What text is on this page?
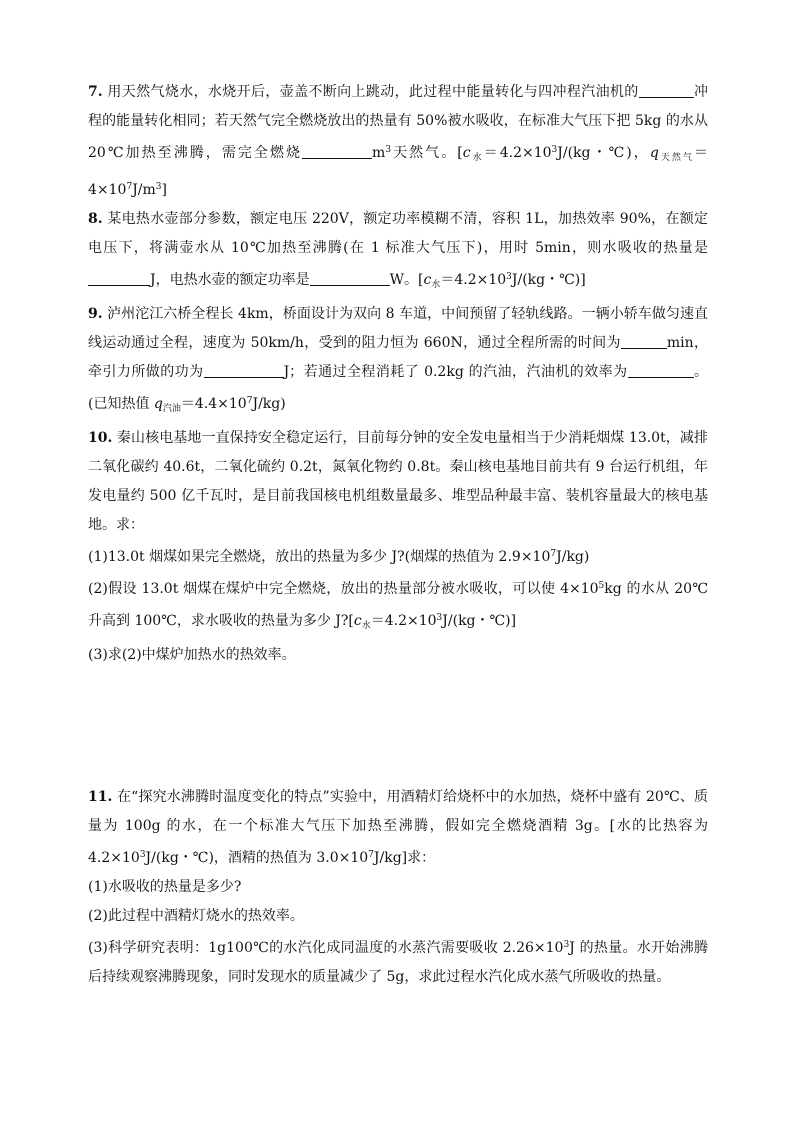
7. 用天然气烧水，水烧开后，壶盖不断向上跳动，此过程中能量转化与四冲程汽油机的	冲程的能量转化相同；若天然气完全燃烧放出的热量有 50%被水吸收，在标准大气压下把 5kg 的水从 20℃加热至沸腾，需完全燃烧	$m^3$天然气。[$c_水=4.2\times 10^3J/(kg$・℃)，$q_{天然气}=4\times 10^7J/m^3$]
8. 某电热水壶部分参数，额定电压 220V，额定功率模糊不清，容积 1L，加热效率 90%，在额定电压下，将满壶水从 10℃加热至沸腾(在 1 标准大气压下)，用时 5min，则水吸收的热量是J，电热水壶的额定功率是	W。[$c_水=4.2\times 10^3J/(kg$・℃)]
9. 泸州沱江六桥全程长 4km，桥面设计为双向 8 车道，中间预留了轻轨线路。一辆小轿车做匀速直线运动通过全程，速度为 50km/h，受到的阻力恒为 660N，通过全程所需的时间为	min，牵引力所做的功为	J；若通过全程消耗了 0.2kg 的汽油，汽油机的效率为	。(已知热值 $q_{汽油}=4.4\times 10^7J/kg$)
10. 秦山核电基地一直保持安全稳定运行，目前每分钟的安全发电量相当于少消耗烟煤 13.0t，减排二氧化碳约 40.6t，二氧化硫约 0.2t，氮氧化物约 0.8t。秦山核电基地目前共有 9 台运行机组，年发电量约 500 亿千瓦时，是目前我国核电机组数量最多、堆型品种最丰富、装机容量最大的核电基地。求：
(1)13.0t 烟煤如果完全燃烧，放出的热量为多少 J?(烟煤的热值为 $2.9\times 10^7J/kg$)
(2)假设 13.0t 烟煤在煤炉中完全燃烧，放出的热量部分被水吸收，可以使 $4\times 10^5kg$ 的水从 20℃升高到 100℃，求水吸收的热量为多少 $J?[c_水=4.2\times 10^3J/(kg$・℃)]
(3)求(2)中煤炉加热水的热效率。
11. 在“探究水沸腾时温度变化的特点”实验中，用酒精灯给烧杯中的水加热，烧杯中盛有 20℃、质量为 100g 的水，在一个标准大气压下加热至沸腾，假如完全燃烧酒精 3g。[水的比热容为 $4.2\times 10^3J/(kg$・℃)，酒精的热值为 $3.0\times 10^7J/kg$]求：
(1)水吸收的热量是多少?
(2)此过程中酒精灯烧水的热效率。
(3)科学研究表明：1g100℃的水汽化成同温度的水蒸汽需要吸收 $2.26\times 10^3J$ 的热量。水开始沸腾后持续观察沸腾现象，同时发现水的质量减少了 5g，求此过程水汽化成水蒸气所吸收的热量。
